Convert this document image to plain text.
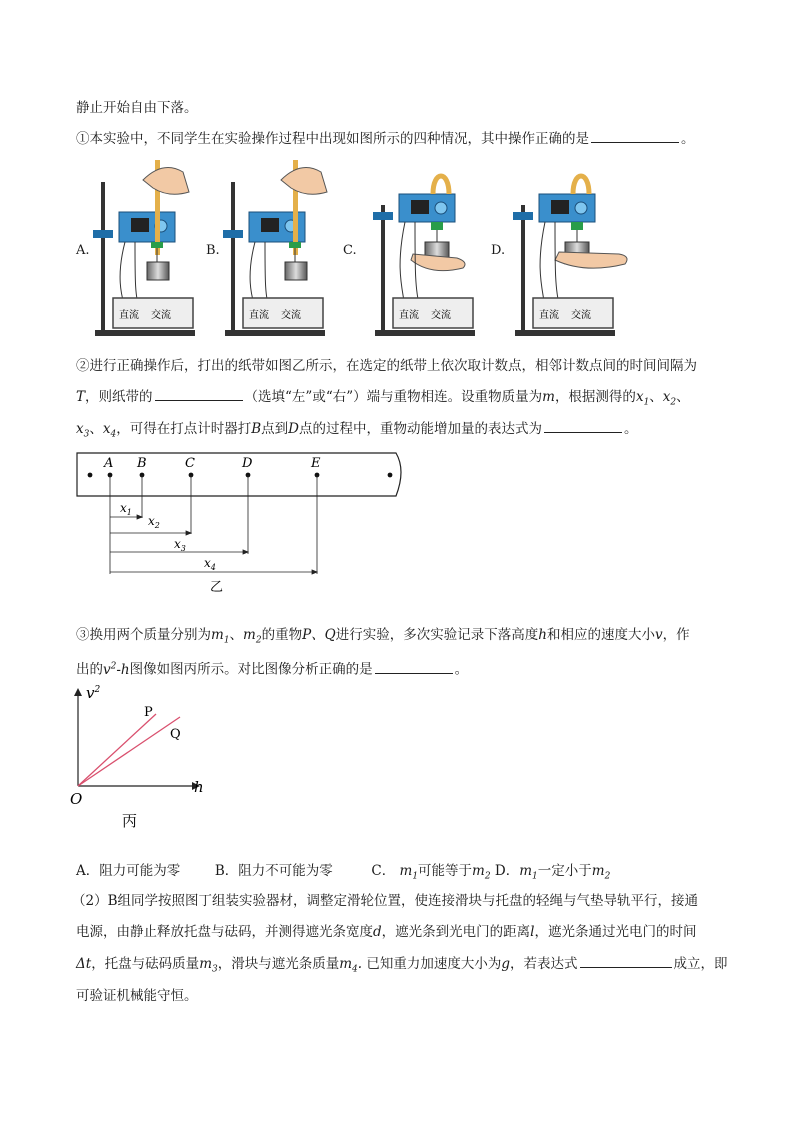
静止开始自由下落。
①本实验中，不同学生在实验操作过程中出现如图所示的四种情况，其中操作正确的是	。
A.	B.	C.	D.
直流 交流	直流 交流	直流 交流	直流 交流
②进行正确操作后，打出的纸带如图乙所示，在选定的纸带上依次取计数点，相邻计数点间的时间间隔为
T，则纸带的	（选填“左”或“右”）端与重物相连。设重物质量为m，根据测得的$x_1$、$x_2$、
$x_3$、$x_4$，可得在打点计时器打B点到D点的过程中，重物动能增加量的表达式为	。
A B	C	D	E
$x_1$
$x_2$
$x_3$
$x_4$
乙
③换用两个质量分别为$m_1$、$m_2$的重物P、Q进行实验，多次实验记录下落高度h和相应的速度大小v，作
出的$v^2-h$图像如图丙所示。对比图像分析正确的是	。
$v^2$
h
O
P
Q
丙
A．阻力可能为零	B．阻力不可能为零	C． $m_1$可能等于$m_2$ D．$m_1$一定小于$m_2$
（2）B组同学按照图丁组装实验器材，调整定滑轮位置，使连接滑块与托盘的轻绳与气垫导轨平行，接通
电源，由静止释放托盘与砝码，并测得遮光条宽度d，遮光条到光电门的距离l，遮光条通过光电门的时间
Δt，托盘与砝码质量$m_3$，滑块与遮光条质量$m_4$. 已知重力加速度大小为g，若表达式	成立，即
可验证机械能守恒。
